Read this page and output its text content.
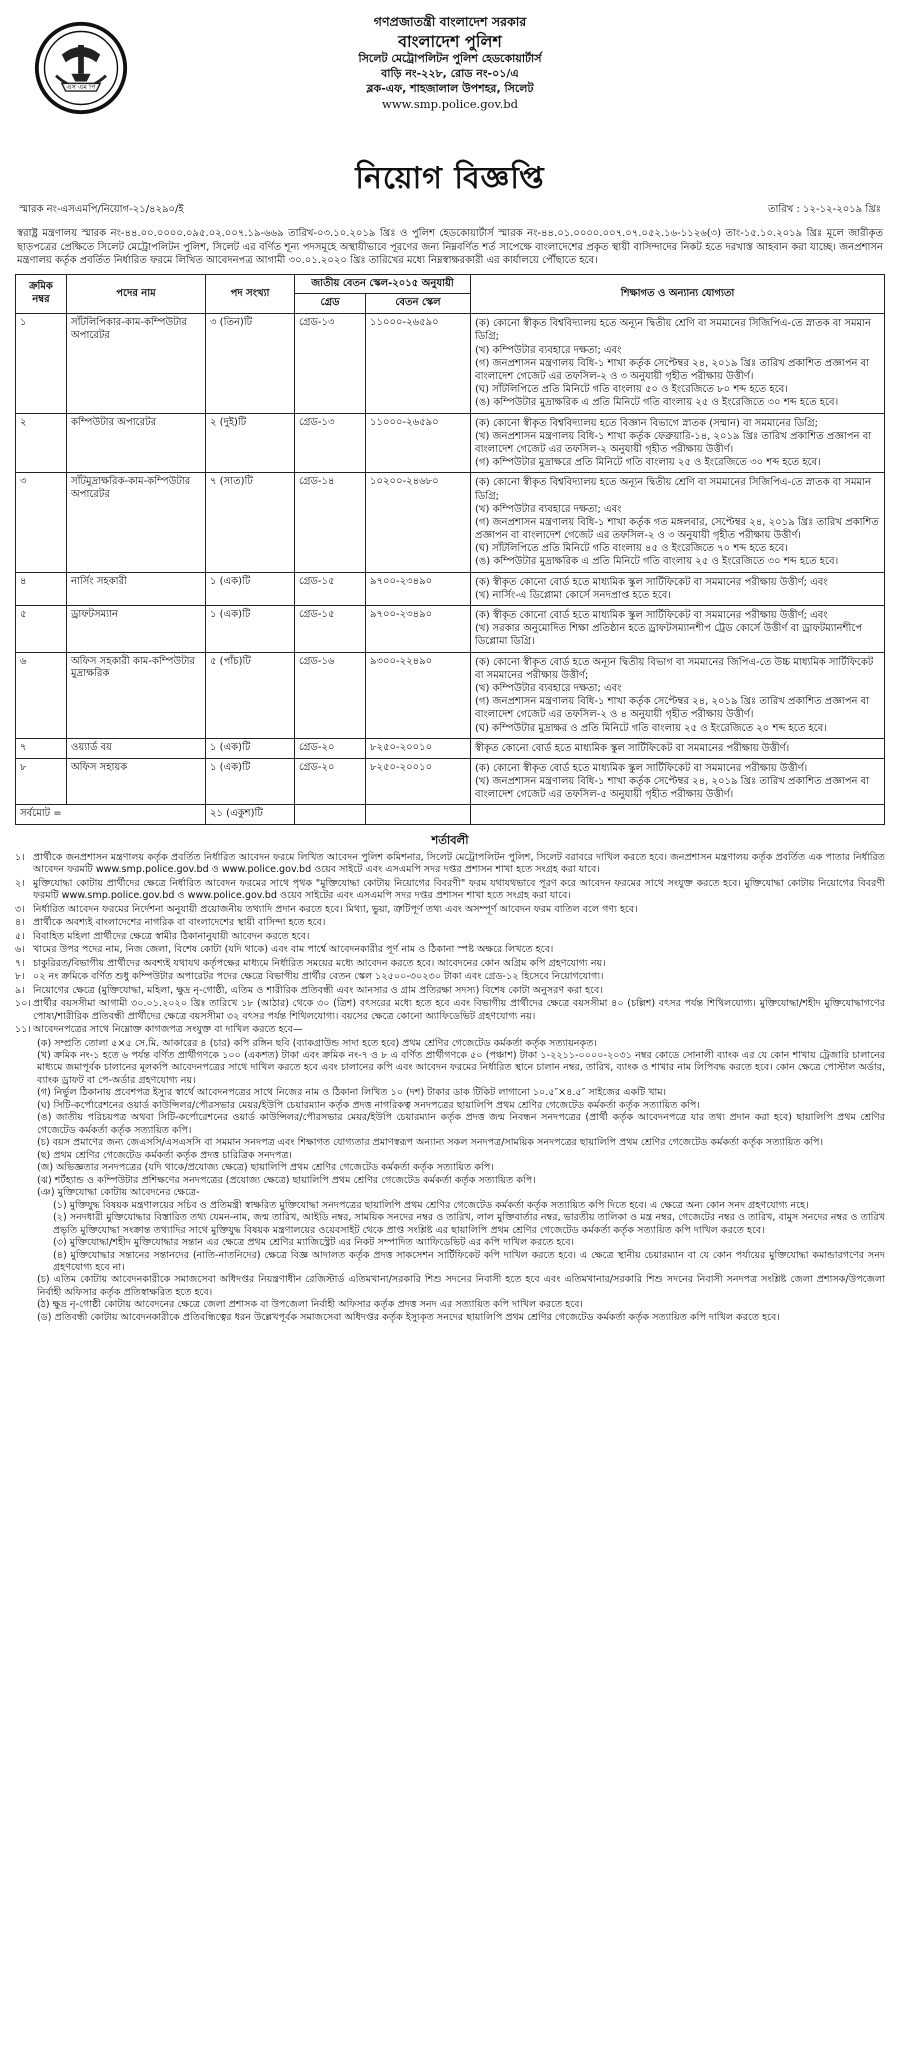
এস এম পি
গণপ্রজাতন্ত্রী বাংলাদেশ সরকার
বাংলাদেশ পুলিশ
সিলেট মেট্রোপলিটন পুলিশ হেডকোয়ার্টার্স
বাড়ি নং-২২৮, রোড নং-০১/এ
ব্লক-এফ, শাহজালাল উপশহর, সিলেট
www.smp.police.gov.bd
নিয়োগ বিজ্ঞপ্তি
স্মারক নং-এসএমপি/নিয়োগ-২১/৪২৯০/ই	তারিখ : ১২-১২-২০১৯ খ্রিঃ
স্বরাষ্ট্র মন্ত্রণালয় স্মারক নং-৪৪.০০.০০০০.০৯৫.০২.০০৭.১৯-৬৬৯ তারিখ-০৩.১০.২০১৯ খ্রিঃ ও পুলিশ হেডকোয়ার্টার্স স্মারক নং-৪৪.০১.০০০০.০০৭.০৭.০৫২.১৬-১১২৬(৩) তাং-১৫.১০.২০১৯ খ্রিঃ মূলে জারীকৃত ছাড়পত্রের প্রেক্ষিতে সিলেট মেট্রোপলিটন পুলিশ, সিলেট এর বর্ণিত শূন্য পদসমূহে অস্থায়ীভাবে পূরণের জন্য নিম্নবর্ণিত শর্ত সাপেক্ষে বাংলাদেশের প্রকৃত স্থায়ী বাসিন্দাদের নিকট হতে দরখাস্ত আহবান করা যাচ্ছে। জনপ্রশাসন মন্ত্রণালয় কর্তৃক প্রবর্তিত নির্ধারিত ফরমে লিখিত আবেদনপত্র আগামী ৩০.০১.২০২০ খ্রিঃ তারিখের মধ্যে নিম্নস্বাক্ষরকারী এর কার্যালয়ে পৌঁছাতে হবে।
ক্রমিক নম্বর	পদের নাম	পদ সংখ্যা	জাতীয় বেতন স্কেল-২০১৫ অনুযায়ী		শিক্ষাগত ও অন্যান্য যোগ্যতা
			গ্রেড	বেতন স্কেল	
১	সাঁটলিপিকার-কাম-কম্পিউটার অপারেটর	৩ (তিন)টি	গ্রেড-১৩	১১০০০-২৬৫৯০	(ক) কোনো স্বীকৃত বিশ্ববিদ্যালয় হতে অন্যূন দ্বিতীয় শ্রেণি বা সমমানের সিজিপিএ-তে স্নাতক বা সমমান ডিগ্রি;
(খ) কম্পিউটার ব্যবহারে দক্ষতা; এবং
(গ) জনপ্রশাসন মন্ত্রণালয় বিধি-১ শাখা কর্তৃক সেপ্টেম্বর ২৪, ২০১৯ খ্রিঃ তারিখ প্রকাশিত প্রজ্ঞাপন বা বাংলাদেশ গেজেট এর তফসিল-২ ও ৩ অনুযায়ী গৃহীত পরীক্ষায় উত্তীর্ণ।
(ঘ) সাঁটলিপিতে প্রতি মিনিটে গতি বাংলায় ৫০ ও ইংরেজিতে ৮০ শব্দ হতে হবে।
(ঙ) কম্পিউটার মুদ্রাক্ষরিক এ প্রতি মিনিটে গতি বাংলায় ২৫ ও ইংরেজিতে ৩০ শব্দ হতে হবে।

২	কম্পিউটার অপারেটর	২ (দুই)টি	গ্রেড-১৩	১১০০০-২৬৫৯০	(ক) কোনো স্বীকৃত বিশ্ববিদ্যালয় হতে বিজ্ঞান বিভাগে স্নাতক (সম্মান) বা সমমানের ডিগ্রি;
(খ) জনপ্রশাসন মন্ত্রণালয় বিধি-১ শাখা কর্তৃক ফেব্রুয়ারি-১৪, ২০১৯ খ্রিঃ তারিখ প্রকাশিত প্রজ্ঞাপন বা বাংলাদেশ গেজেট এর তফসিল-২ অনুযায়ী গৃহীত পরীক্ষায় উত্তীর্ণ।
(গ) কম্পিউটার মুদ্রাক্ষরে প্রতি মিনিটে গতি বাংলায় ২৫ ও ইংরেজিতে ৩০ শব্দ হতে হবে।

৩	সাঁটমুদ্রাক্ষরিক-কাম-কম্পিউটার অপারেটর	৭ (সাত)টি	গ্রেড-১৪	১০২০০-২৪৬৮০	(ক) কোনো স্বীকৃত বিশ্ববিদ্যালয় হতে অন্যূন দ্বিতীয় শ্রেণি বা সমমানের সিজিপিএ-তে স্নাতক বা সমমান ডিগ্রি;
(খ) কম্পিউটার ব্যবহারে দক্ষতা; এবং
(গ) জনপ্রশাসন মন্ত্রণালয় বিধি-১ শাখা কর্তৃক গত মঙ্গলবার, সেপ্টেম্বর ২৪, ২০১৯ খ্রিঃ তারিখ প্রকাশিত প্রজ্ঞাপন বা বাংলাদেশ গেজেট এর তফসিল-২ ও ৩ অনুযায়ী গৃহীত পরীক্ষায় উত্তীর্ণ।
(ঘ) সাঁটলিপিতে প্রতি মিনিটে গতি বাংলায় ৪৫ ও ইংরেজিতে ৭০ শব্দ হতে হবে।
(ঙ) কম্পিউটার মুদ্রাক্ষরিক এ প্রতি মিনিটে গতি বাংলায় ২৫ ও ইংরেজিতে ৩০ শব্দ হতে হবে।

৪	নার্সিং সহকারী	১ (এক)টি	গ্রেড-১৫	৯৭০০-২৩৪৯০	(ক) স্বীকৃত কোনো বোর্ড হতে মাধ্যমিক স্কুল সার্টিফিকেট বা সমমানের পরীক্ষায় উত্তীর্ণ; এবং
(খ) নার্সিং-এ ডিপ্লোমা কোর্সে সনদপ্রাপ্ত হতে হবে।

৫	ড্রাফটসম্যান	১ (এক)টি	গ্রেড-১৫	৯৭০০-২৩৪৯০	(ক) স্বীকৃত কোনো বোর্ড হতে মাধ্যমিক স্কুল সার্টিফিকেট বা সমমানের পরীক্ষায় উত্তীর্ণ; এবং
(খ) সরকার অনুমোদিত শিক্ষা প্রতিষ্ঠান হতে ড্রাফটসম্যানশীপ ট্রেড কোর্সে উত্তীর্ণ বা ড্রাফটম্যানশীপে ডিপ্লোমা ডিগ্রি।

৬	অফিস সহকারী কাম-কম্পিউটার মুদ্রাক্ষরিক	৫ (পাঁচ)টি	গ্রেড-১৬	৯৩০০-২২৪৯০	(ক) কোনো স্বীকৃত বোর্ড হতে অন্যূন দ্বিতীয় বিভাগ বা সমমানের জিপিএ-তে উচ্চ মাধ্যমিক সার্টিফিকেট বা সমমানের পরীক্ষায় উত্তীর্ণ;
(খ) কম্পিউটার ব্যবহারে দক্ষতা; এবং
(গ) জনপ্রশাসন মন্ত্রণালয় বিধি-১ শাখা কর্তৃক সেপ্টেম্বর ২৪, ২০১৯ খ্রিঃ তারিখ প্রকাশিত প্রজ্ঞাপন বা বাংলাদেশ গেজেট এর তফসিল-২ ও ৪ অনুযায়ী গৃহীত পরীক্ষায় উত্তীর্ণ।
(ঘ) কম্পিউটার মুদ্রাক্ষর ও প্রতি মিনিটে গতি বাংলায় ২৫ ও ইংরেজিতে ২০ শব্দ হতে হবে।

৭	ওয়্যার্ড বয়	১ (এক)টি	গ্রেড-২০	৮২৫০-২০০১০	স্বীকৃত কোনো বোর্ড হতে মাধ্যমিক স্কুল সার্টিফিকেট বা সমমানের পরীক্ষায় উত্তীর্ণ।

৮	অফিস সহায়ক	১ (এক)টি	গ্রেড-২০	৮২৫০-২০০১০	(ক) কোনো স্বীকৃত বোর্ড হতে মাধ্যমিক স্কুল সার্টিফিকেট বা সমমানের পরীক্ষায় উত্তীর্ণ।
(খ) জনপ্রশাসন মন্ত্রণালয় বিধি-১ শাখা কর্তৃক সেপ্টেম্বর ২৪, ২০১৯ খ্রিঃ তারিখ প্রকাশিত প্রজ্ঞাপন বা বাংলাদেশ গেজেট এর তফসিল-৫ অনুযায়ী গৃহীত পরীক্ষায় উত্তীর্ণ।

সর্বমোট =		২১ (একুশ)টি			
শর্তাবলী
১। প্রার্থীকে জনপ্রশাসন মন্ত্রণালয় কর্তৃক প্রবর্তিত নির্ধারিত আবেদন ফরমে লিখিত আবেদন পুলিশ কমিশনার, সিলেট মেট্রোপলিটন পুলিশ, সিলেট বরাবরে দাখিল করতে হবে। জনপ্রশাসন মন্ত্রণালয় কর্তৃক প্রবর্তিত এক পাতার নির্ধারিত আবেদন ফরমটি www.smp.police.gov.bd ও www.police.gov.bd ওয়েব সাইটে এবং এসএমপি সদর দপ্তর প্রশাসন শাখা হতে সংগ্রহ করা যাবে।
২। মুক্তিযোদ্ধা কোটায় প্রার্থীদের ক্ষেত্রে নির্ধারিত আবেদন ফরমের সাথে পৃথক "মুক্তিযোদ্ধা কোটায় নিয়োগের বিবরণী" ফরম যথাযথভাবে পূরণ করে আবেদন ফরমের সাথে সংযুক্ত করতে হবে। মুক্তিযোদ্ধা কোটায় নিয়োগের বিবরণী ফরমটি www.smp.police.gov.bd ও www.police.gov.bd ওয়েব সাইটের এবং এসএমপি সদর দপ্তর প্রশাসন শাখা হতে সংগ্রহ করা যাবে।
৩। নির্ধারিত আবেদন ফরমের নির্দেশনা অনুযায়ী প্রয়োজনীয় তথ্যাদি প্রদান করতে হবে। মিথ্যা, ভুয়া, ত্রুটিপূর্ণ তথ্য এবং অসম্পূর্ণ আবেদন ফরম বাতিল বলে গণ্য হবে।
৪। প্রার্থীকে অবশ্যই বাংলাদেশের নাগরিক বা বাংলাদেশের স্থায়ী বাসিন্দা হতে হবে।
৫। বিবাহিত মহিলা প্রার্থীদের ক্ষেত্রে স্বামীর ঠিকানানুযায়ী আবেদন করতে হবে।
৬। খামের উপর পদের নাম, নিজ জেলা, বিশেষ কোটা (যদি থাকে) এবং বাম পার্শ্বে আবেদনকারীর পূর্ণ নাম ও ঠিকানা স্পষ্ট অক্ষরে লিখতে হবে।
৭। চাকুরিরত/বিভাগীয় প্রার্থীদের অবশ্যই যথাযথ কর্তৃপক্ষের মাধ্যমে নির্ধারিত সময়ের মধ্যে আবেদন করতে হবে। আবেদনের কোন অগ্রিম কপি গ্রহণযোগ্য নয়।
৮। ০২ নং ক্রমিকে বর্ণিত শুধু কম্পিউটার অপারেটর পদের ক্ষেত্রে বিভাগীয় প্রার্থীর বেতন স্কেল ১২৫০০-৩০২৩০ টাকা এবং গ্রেড-১২ হিসেবে নিয়োগযোগ্য।
৯। নিয়োগের ক্ষেত্রে (মুক্তিযোদ্ধা, মহিলা, ক্ষুদ্র নৃ-গোষ্ঠী, এতিম ও শারীরিক প্রতিবন্ধী এবং আনসার ও গ্রাম প্রতিরক্ষা সদস্য) বিশেষ কোটা অনুসরণ করা হবে।
১০। প্রার্থীর বয়সসীমা আগামী ৩০.০১.২০২০ খ্রিঃ তারিখে ১৮ (আঠার) থেকে ৩০ (ত্রিশ) বৎসরের মধ্যে হতে হবে এবং বিভাগীয় প্রার্থীদের ক্ষেত্রে বয়সসীমা ৪০ (চল্লিশ) বৎসর পর্যন্ত শিথিলযোগ্য। মুক্তিযোদ্ধা/শহীদ মুক্তিযোদ্ধাগণের পোষ্য/শারীরিক প্রতিবন্ধী প্রার্থীদের ক্ষেত্রে বয়সসীমা ৩২ বৎসর পর্যন্ত শিথিলযোগ্য। বয়সের ক্ষেত্রে কোনো অ্যাফিডেভিট গ্রহণযোগ্য নয়।
১১। আবেদনপত্রের সাথে নিম্নোক্ত কাগজপত্র সংযুক্ত বা দাখিল করতে হবে—
(ক) সম্প্রতি তোলা ৫×৫ সে.মি. আকারের ৪ (চার) কপি রঙ্গিন ছবি (ব্যাকগ্রাউন্ড সাদা হতে হবে) প্রথম শ্রেণির গেজেটেড কর্মকর্তা কর্তৃক সত্যায়নকৃত।
(খ) ক্রমিক নং-১ হতে ৬ পর্যন্ত বর্ণিত প্রার্থীগণকে ১০০ (একশত) টাকা এবং ক্রমিক নং-৭ ও ৮ এ বর্ণিত প্রার্থীগণকে ৫০ (পঞ্চাশ) টাকা ১-২২১১-০০০০-২০৩১ নম্বর কোডে সোনালী ব্যাংক এর যে কোন শাখায় ট্রেজারি চালানের মাধ্যমে জমাপূর্বক চালানের মূলকপি আবেদনপত্রের সাথে দাখিল করতে হবে এবং চালানের কপি এবং আবেদন ফরমের নির্ধারিত স্থানে চালান নম্বর, তারিখ, ব্যাংক ও শাখার নাম লিপিবদ্ধ করতে হবে। কোন ক্ষেত্রে পোস্টাল অর্ডার, ব্যাংক ড্রাফট বা পে-অর্ডার গ্রহণযোগ্য নয়।
(গ) নির্ভুল ঠিকানায় প্রবেশপত্র ইস্যুর স্বার্থে আবেদনপত্রের সাথে নিজের নাম ও ঠিকানা লিখিত ১০ (দশ) টাকার ডাক টিকিট লাগানো ১০.৫″×৪.৫″ সাইজের একটি খাম।
(ঘ) সিটি-কর্পোরেশনের ওয়ার্ড কাউন্সিলর/পৌরসভার মেয়র/ইউপি চেয়ারম্যান কর্তৃক প্রদত্ত নাগরিকত্ব সনদপত্রের ছায়ালিপি প্রথম শ্রেণির গেজেটেড কর্মকর্তা কর্তৃক সত্যায়িত কপি।
(ঙ) জাতীয় পরিচয়পত্র অথবা সিটি-কর্পোরেশনের ওয়ার্ড কাউন্সিলর/পৌরসভার মেয়র/ইউপি চেয়ারম্যান কর্তৃক প্রদত্ত জন্ম নিবন্ধন সনদপত্রের (প্রার্থী কর্তৃক আবেদনপত্রে যার তথ্য প্রদান করা হবে) ছায়ালিপি প্রথম শ্রেণির গেজেটেড কর্মকর্তা কর্তৃক সত্যায়িত কপি।
(চ) বয়স প্রমাণের জন্য জেএসসি/এসএসসি বা সমমান সনদপত্র এবং শিক্ষাগত যোগ্যতার প্রমাণস্বরূপ অন্যান্য সকল সনদপত্র/সাময়িক সনদপত্রের ছায়ালিপি প্রথম শ্রেণির গেজেটেড কর্মকর্তা কর্তৃক সত্যায়িত কপি।
(ছ) প্রথম শ্রেণির গেজেটেড কর্মকর্তা কর্তৃক প্রদত্ত চারিত্রিক সনদপত্র।
(জ) অভিজ্ঞতার সনদপত্রের (যদি থাকে/প্রযোজ্য ক্ষেত্রে) ছায়ালিপি প্রথম শ্রেণির গেজেটেড কর্মকর্তা কর্তৃক সত্যায়িত কপি।
(ঝ) শর্টহ্যান্ড ও কম্পিউটার প্রশিক্ষণের সনদপত্রের (প্রযোজ্য ক্ষেত্রে) ছায়ালিপি প্রথম শ্রেণির গেজেটেড কর্মকর্তা কর্তৃক সত্যায়িত কপি।
(ঞ) মুক্তিযোদ্ধা কোটায় আবেদনের ক্ষেত্রে-
(১) মুক্তিযুদ্ধ বিষয়ক মন্ত্রণালয়ের সচিব ও প্রতিমন্ত্রী স্বাক্ষরিত মুক্তিযোদ্ধা সনদপত্রের ছায়ালিপি প্রথম শ্রেণির গেজেটেড কর্মকর্তা কর্তৃক সত্যায়িত কপি দিতে হবে। এ ক্ষেত্রে অন্য কোন সনদ গ্রহণযোগ্য নহে।
(২) সনদধারী মুক্তিযোদ্ধার বিস্তারিত তথ্য যেমন-নাম, জন্ম তারিখ, আইডি নম্বর, সাময়িক সনদের নম্বর ও তারিখ, লাল মুক্তিবার্তার নম্বর, ভারতীয় তালিকা ও মন্ত্র নম্বর, গেজেটের নম্বর ও তারিখ, বামুস সনদের নম্বর ও তারিখ প্রভৃতি মুক্তিযোদ্ধা সংক্রান্ত তথ্যাদির সাথে মুক্তিযুদ্ধ বিষয়ক মন্ত্রণালয়ের ওয়েবসাইট থেকে প্রাপ্ত সংশ্লিষ্ট এর ছায়ালিপি প্রথম শ্রেণির গেজেটেড কর্মকর্তা কর্তৃক সত্যায়িত কপি দাখিল করতে হবে।
(৩) মুক্তিযোদ্ধা/শহীদ মুক্তিযোদ্ধার সন্তান এর ক্ষেত্রে প্রথম শ্রেণির ম্যাজিস্ট্রেট এর নিকট সম্পাদিত অ্যাফিডেভিট এর কপি দাখিল করতে হবে।
(৪) মুক্তিযোদ্ধার সন্তানের সন্তানদের (নাতি-নাতনিদের) ক্ষেত্রে বিজ্ঞ আদালত কর্তৃক প্রদত্ত সাকসেশন সার্টিফিকেট কপি দাখিল করতে হবে। এ ক্ষেত্রে স্থানীয় চেয়ারম্যান বা যে কোন পর্যায়ের মুক্তিযোদ্ধা কমান্ডারগণের সনদ গ্রহণযোগ্য হবে না।
(চ) এতিম কোটায় আবেদনকারীকে সমাজসেবা অধিদপ্তর নিয়ন্ত্রণাধীন রেজিস্টার্ড এতিমখানা/সরকারি শিশু সদনের নিবাসী হতে হবে এবং এতিমখানার/সরকারি শিশু সদনের নিবাসী সনদপত্র সংশ্লিষ্ট জেলা প্রশাসক/উপজেলা নির্বাহী অফিসার কর্তৃক প্রতিস্বাক্ষরিত হতে হবে।
(ঠ) ক্ষুদ্র নৃ-গোষ্ঠী কোটায় আবেদনের ক্ষেত্রে জেলা প্রশাসক বা উপজেলা নির্বাহী অফিসার কর্তৃক প্রদত্ত সনদ এর সত্যায়িত কপি দাখিল করতে হবে।
(ড) প্রতিবন্ধী কোটায় আবেদনকারীকে প্রতিবন্ধিত্বের ধরন উল্লেখপূর্বক সমাজসেবা অধিদপ্তর কর্তৃক ইস্যুকৃত সনদের ছায়ালিপি প্রথম শ্রেণির গেজেটেড কর্মকর্তা কর্তৃক সত্যায়িত কপি দাখিল করতে হবে।
